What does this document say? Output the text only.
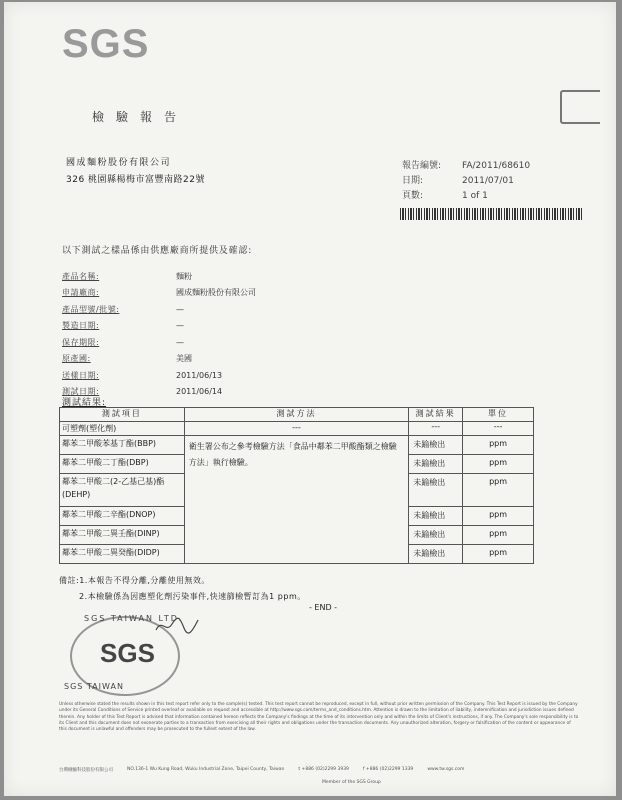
SGS
檢驗報告
國成麵粉股份有限公司
326 桃園縣楊梅市富豐南路22號
報告編號:	FA/2011/68610
日期:	2011/07/01
頁數:	1 of 1
以下測試之樣品係由供應廠商所提供及確認:
產品名稱:	麵粉
申請廠商:	國成麵粉股份有限公司
產品型號/批號:	—
製造日期:	—
保存期限:	—
原產國:	美國
送樣日期:	2011/06/13
測試日期:	2011/06/14
測試結果:
測試項目	測試方法	測試結果	單位
可塑劑(塑化劑)	---	---	---
鄰苯二甲酸苯基丁酯(BBP)	衛生署公布之參考檢驗方法「食品中鄰苯二甲酸酯類之檢驗方法」執行檢驗。	未踰檢出	ppm
鄰苯二甲酸二丁酯(DBP)		未踰檢出	ppm
鄰苯二甲酸二(2-乙基己基)酯(DEHP)		未踰檢出	ppm
鄰苯二甲酸二辛酯(DNOP)		未踰檢出	ppm
鄰苯二甲酸二異壬酯(DINP)		未踰檢出	ppm
鄰苯二甲酸二異癸酯(DIDP)		未踰檢出	ppm
備註:1.本報告不得分離,分離使用無效。
2.本檢驗係為因應塑化劑污染事件,快速篩檢暫訂為1 ppm。
- END -
SGS TAIWAN LTD.
SGS
SGS TAIWAN
Unless otherwise stated the results shown in this test report refer only to the sample(s) tested. This test report cannot be reproduced, except in full, without prior written permission of the Company. This Test Report is issued by the Company under its General Conditions of Service printed overleaf or available on request and accessible at http://www.sgs.com/terms_and_conditions.htm. Attention is drawn to the limitation of liability, indemnification and jurisdiction issues defined therein. Any holder of this Test Report is advised that information contained hereon reflects the Company's findings at the time of its intervention only and within the limits of Client's instructions, if any. The Company's sole responsibility is to its Client and this document does not exonerate parties to a transaction from exercising all their rights and obligations under the transaction documents. Any unauthorized alteration, forgery or falsification of the content or appearance of this document is unlawful and offenders may be prosecuted to the fullest extent of the law.
台灣檢驗科技股份有限公司	NO.136-1 Wu Kung Road, Wuku Industrial Zone, Taipei County, Taiwan	t +886 (02)2299 3939	f +886 (02)2299 1339	www.tw.sgs.com
Member of the SGS Group
